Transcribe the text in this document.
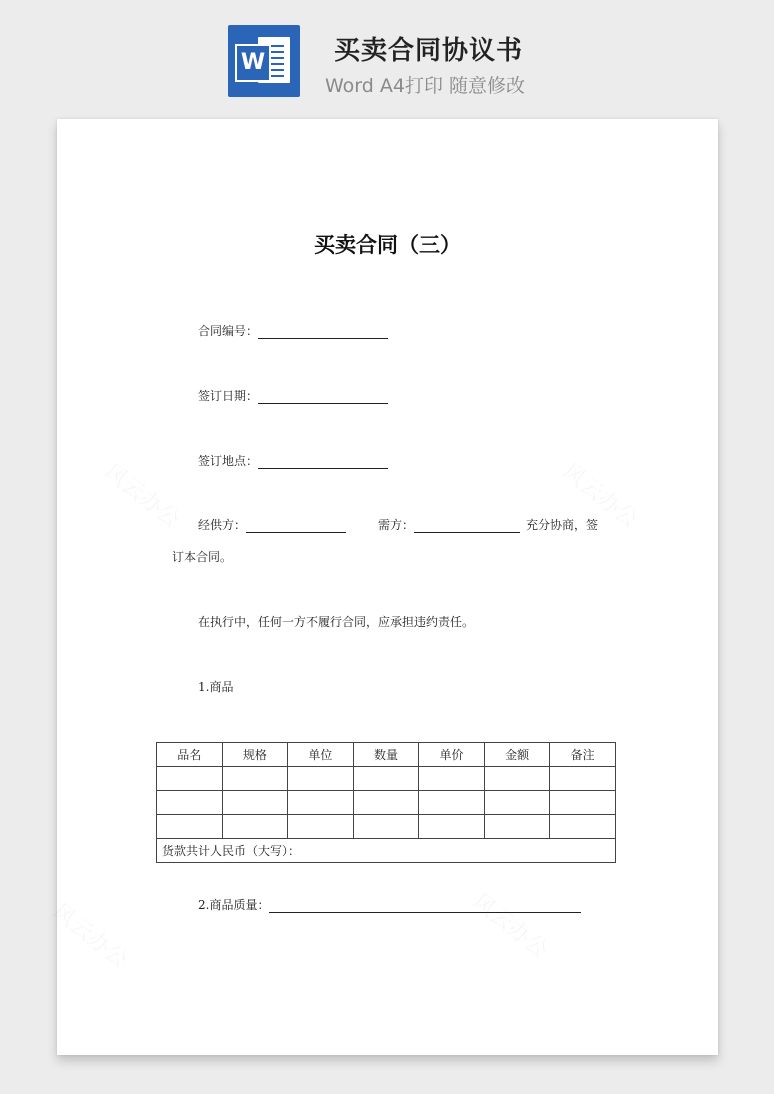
W	买卖合同协议书
Word A4打印 随意修改
买卖合同（三）
合同编号：
签订日期：
签订地点：
经供方：	需方：	充分协商，签
订本合同。
在执行中，任何一方不履行合同，应承担违约责任。
1.商品
品名	规格	单位	数量	单价	金额	备注

货款共计人民币（大写）：						
2.商品质量：
